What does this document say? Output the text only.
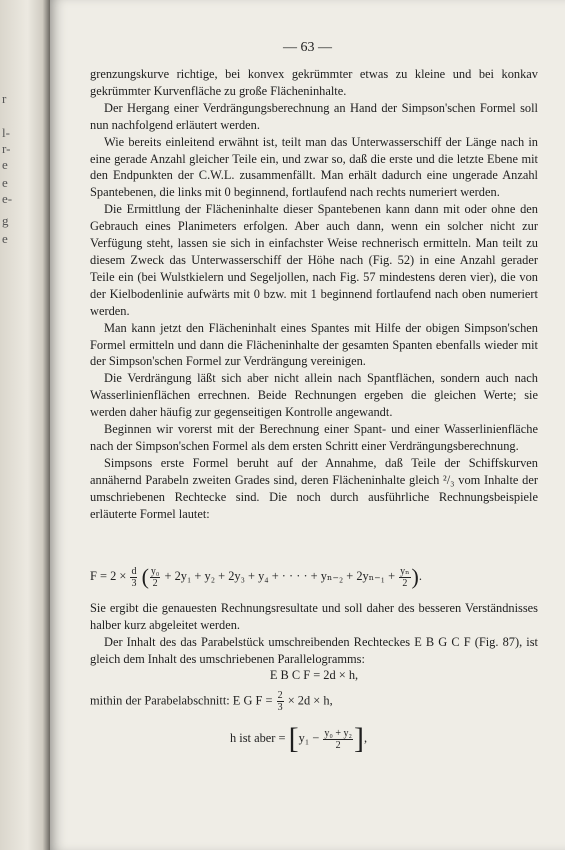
r
l-
r-
e
e
e-
g
e
— 63 —

grenzungskurve richtige, bei konvex gekrümmter etwas zu kleine und bei konkav gekrümmter Kurvenfläche zu große Flächeninhalte.

Der Hergang einer Verdrängungsberechnung an Hand der Simpson'schen Formel soll nun nachfolgend erläutert werden.

Wie bereits einleitend erwähnt ist, teilt man das Unterwasserschiff der Länge nach in eine gerade Anzahl gleicher Teile ein, und zwar so, daß die erste und die letzte Ebene mit den Endpunkten der C.W.L. zusammenfällt. Man erhält dadurch eine ungerade Anzahl Spantebenen, die links mit 0 beginnend, fortlaufend nach rechts numeriert werden.

Die Ermittlung der Flächeninhalte dieser Spantebenen kann dann mit oder ohne den Gebrauch eines Planimeters erfolgen. Aber auch dann, wenn ein solcher nicht zur Verfügung steht, lassen sie sich in einfachster Weise rechnerisch ermitteln. Man teilt zu diesem Zweck das Unterwasserschiff der Höhe nach (Fig. 52) in eine Anzahl gerader Teile ein (bei Wulstkielern und Segeljollen, nach Fig. 57 mindestens deren vier), die von der Kielbodenlinie aufwärts mit 0 bzw. mit 1 beginnend fortlaufend nach oben numeriert werden.

Man kann jetzt den Flächeninhalt eines Spantes mit Hilfe der obigen Simpson'schen Formel ermitteln und dann die Flächeninhalte der gesamten Spanten ebenfalls wieder mit der Simpson'schen Formel zur Verdrängung vereinigen.

Die Verdrängung läßt sich aber nicht allein nach Spantflächen, sondern auch nach Wasserlinienflächen errechnen. Beide Rechnungen ergeben die gleichen Werte; sie werden daher häufig zur gegenseitigen Kontrolle angewandt.

Beginnen wir vorerst mit der Berechnung einer Spant- und einer Wasserlinienfläche nach der Simpson'schen Formel als dem ersten Schritt einer Verdrängungsberechnung.

Simpsons erste Formel beruht auf der Annahme, daß Teile der Schiffskurven annähernd Parabeln zweiten Grades sind, deren Flächeninhalte gleich ²/₃ vom Inhalte der umschriebenen Rechtecke sind. Die noch durch ausführliche Rechnungsbeispiele erläuterte Formel lautet:

$F = 2 \times \frac{d}{3}$ ( $\frac{\text{y₀}}{2} + 2y_1 + y_2 + 2y_3 + y_4$ + · · · · + $y_{n-2} + 2y_{n-1} + \frac{\text{yₙ}}{2}$ ).

Sie ergibt die genauesten Rechnungsresultate und soll daher des besseren Verständnisses halber kurz abgeleitet werden.

Der Inhalt des das Parabelstück umschreibenden Rechteckes E B G C F (Fig. 87), ist gleich dem Inhalt des umschriebenen Parallelogramms:

E B C F = 2d × h,
mithin der Parabelabschnitt: E G $F = \frac{2}{3} \times 2d \times h$,
h ist aber = [$y_1 - \frac{\text{y₀ + y₂}}{2}$ ],
